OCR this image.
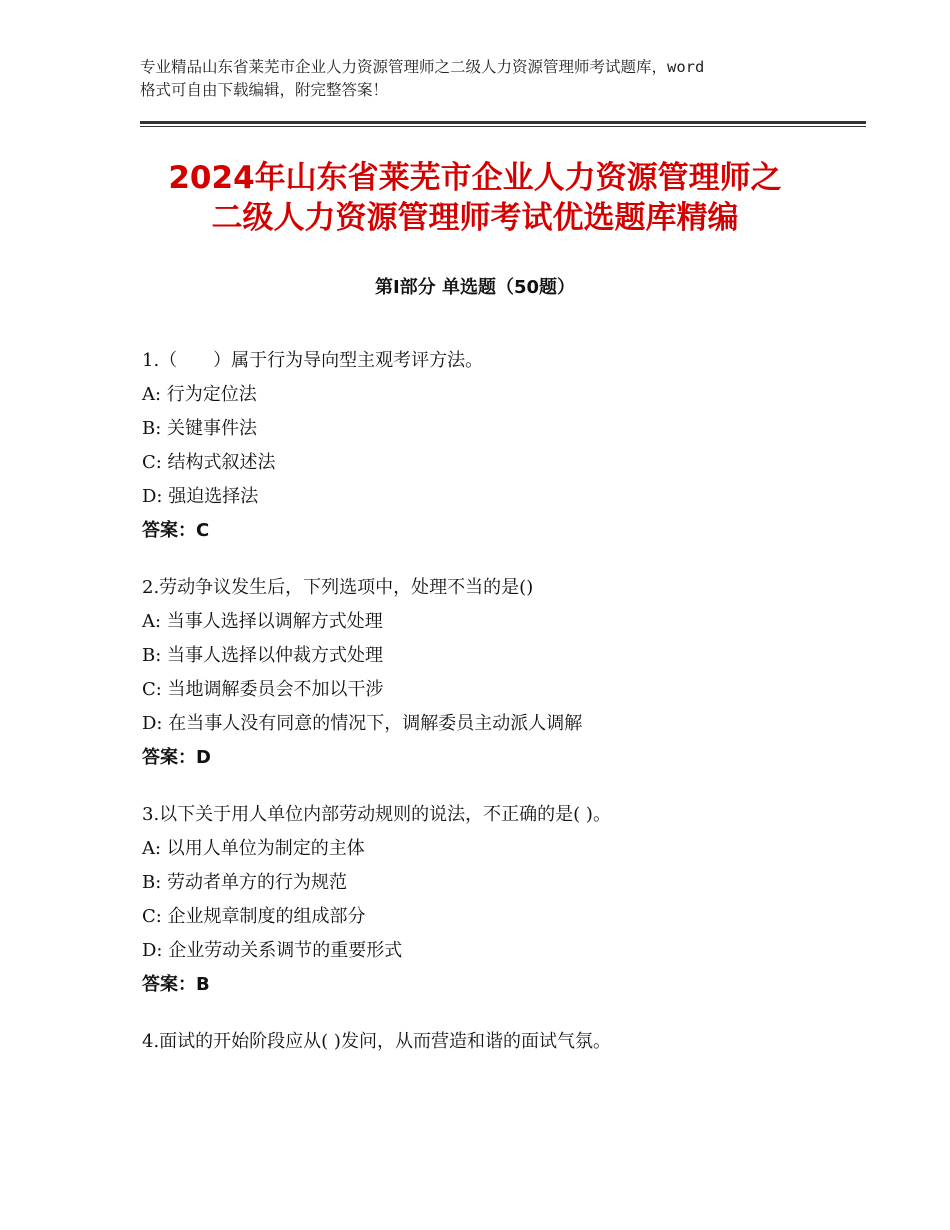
专业精品山东省莱芜市企业人力资源管理师之二级人力资源管理师考试题库，word
格式可自由下载编辑，附完整答案！
2024年山东省莱芜市企业人力资源管理师之
二级人力资源管理师考试优选题库精编
第Ⅰ部分 单选题（50题）
1.（　　）属于行为导向型主观考评方法。
A: 行为定位法
B: 关键事件法
C: 结构式叙述法
D: 强迫选择法
答案：C
2.劳动争议发生后，下列选项中，处理不当的是()
A: 当事人选择以调解方式处理
B: 当事人选择以仲裁方式处理
C: 当地调解委员会不加以干涉
D: 在当事人没有同意的情况下，调解委员主动派人调解
答案：D
3.以下关于用人单位内部劳动规则的说法，不正确的是( )。
A: 以用人单位为制定的主体
B: 劳动者单方的行为规范
C: 企业规章制度的组成部分
D: 企业劳动关系调节的重要形式
答案：B
4.面试的开始阶段应从( )发问，从而营造和谐的面试气氛。
